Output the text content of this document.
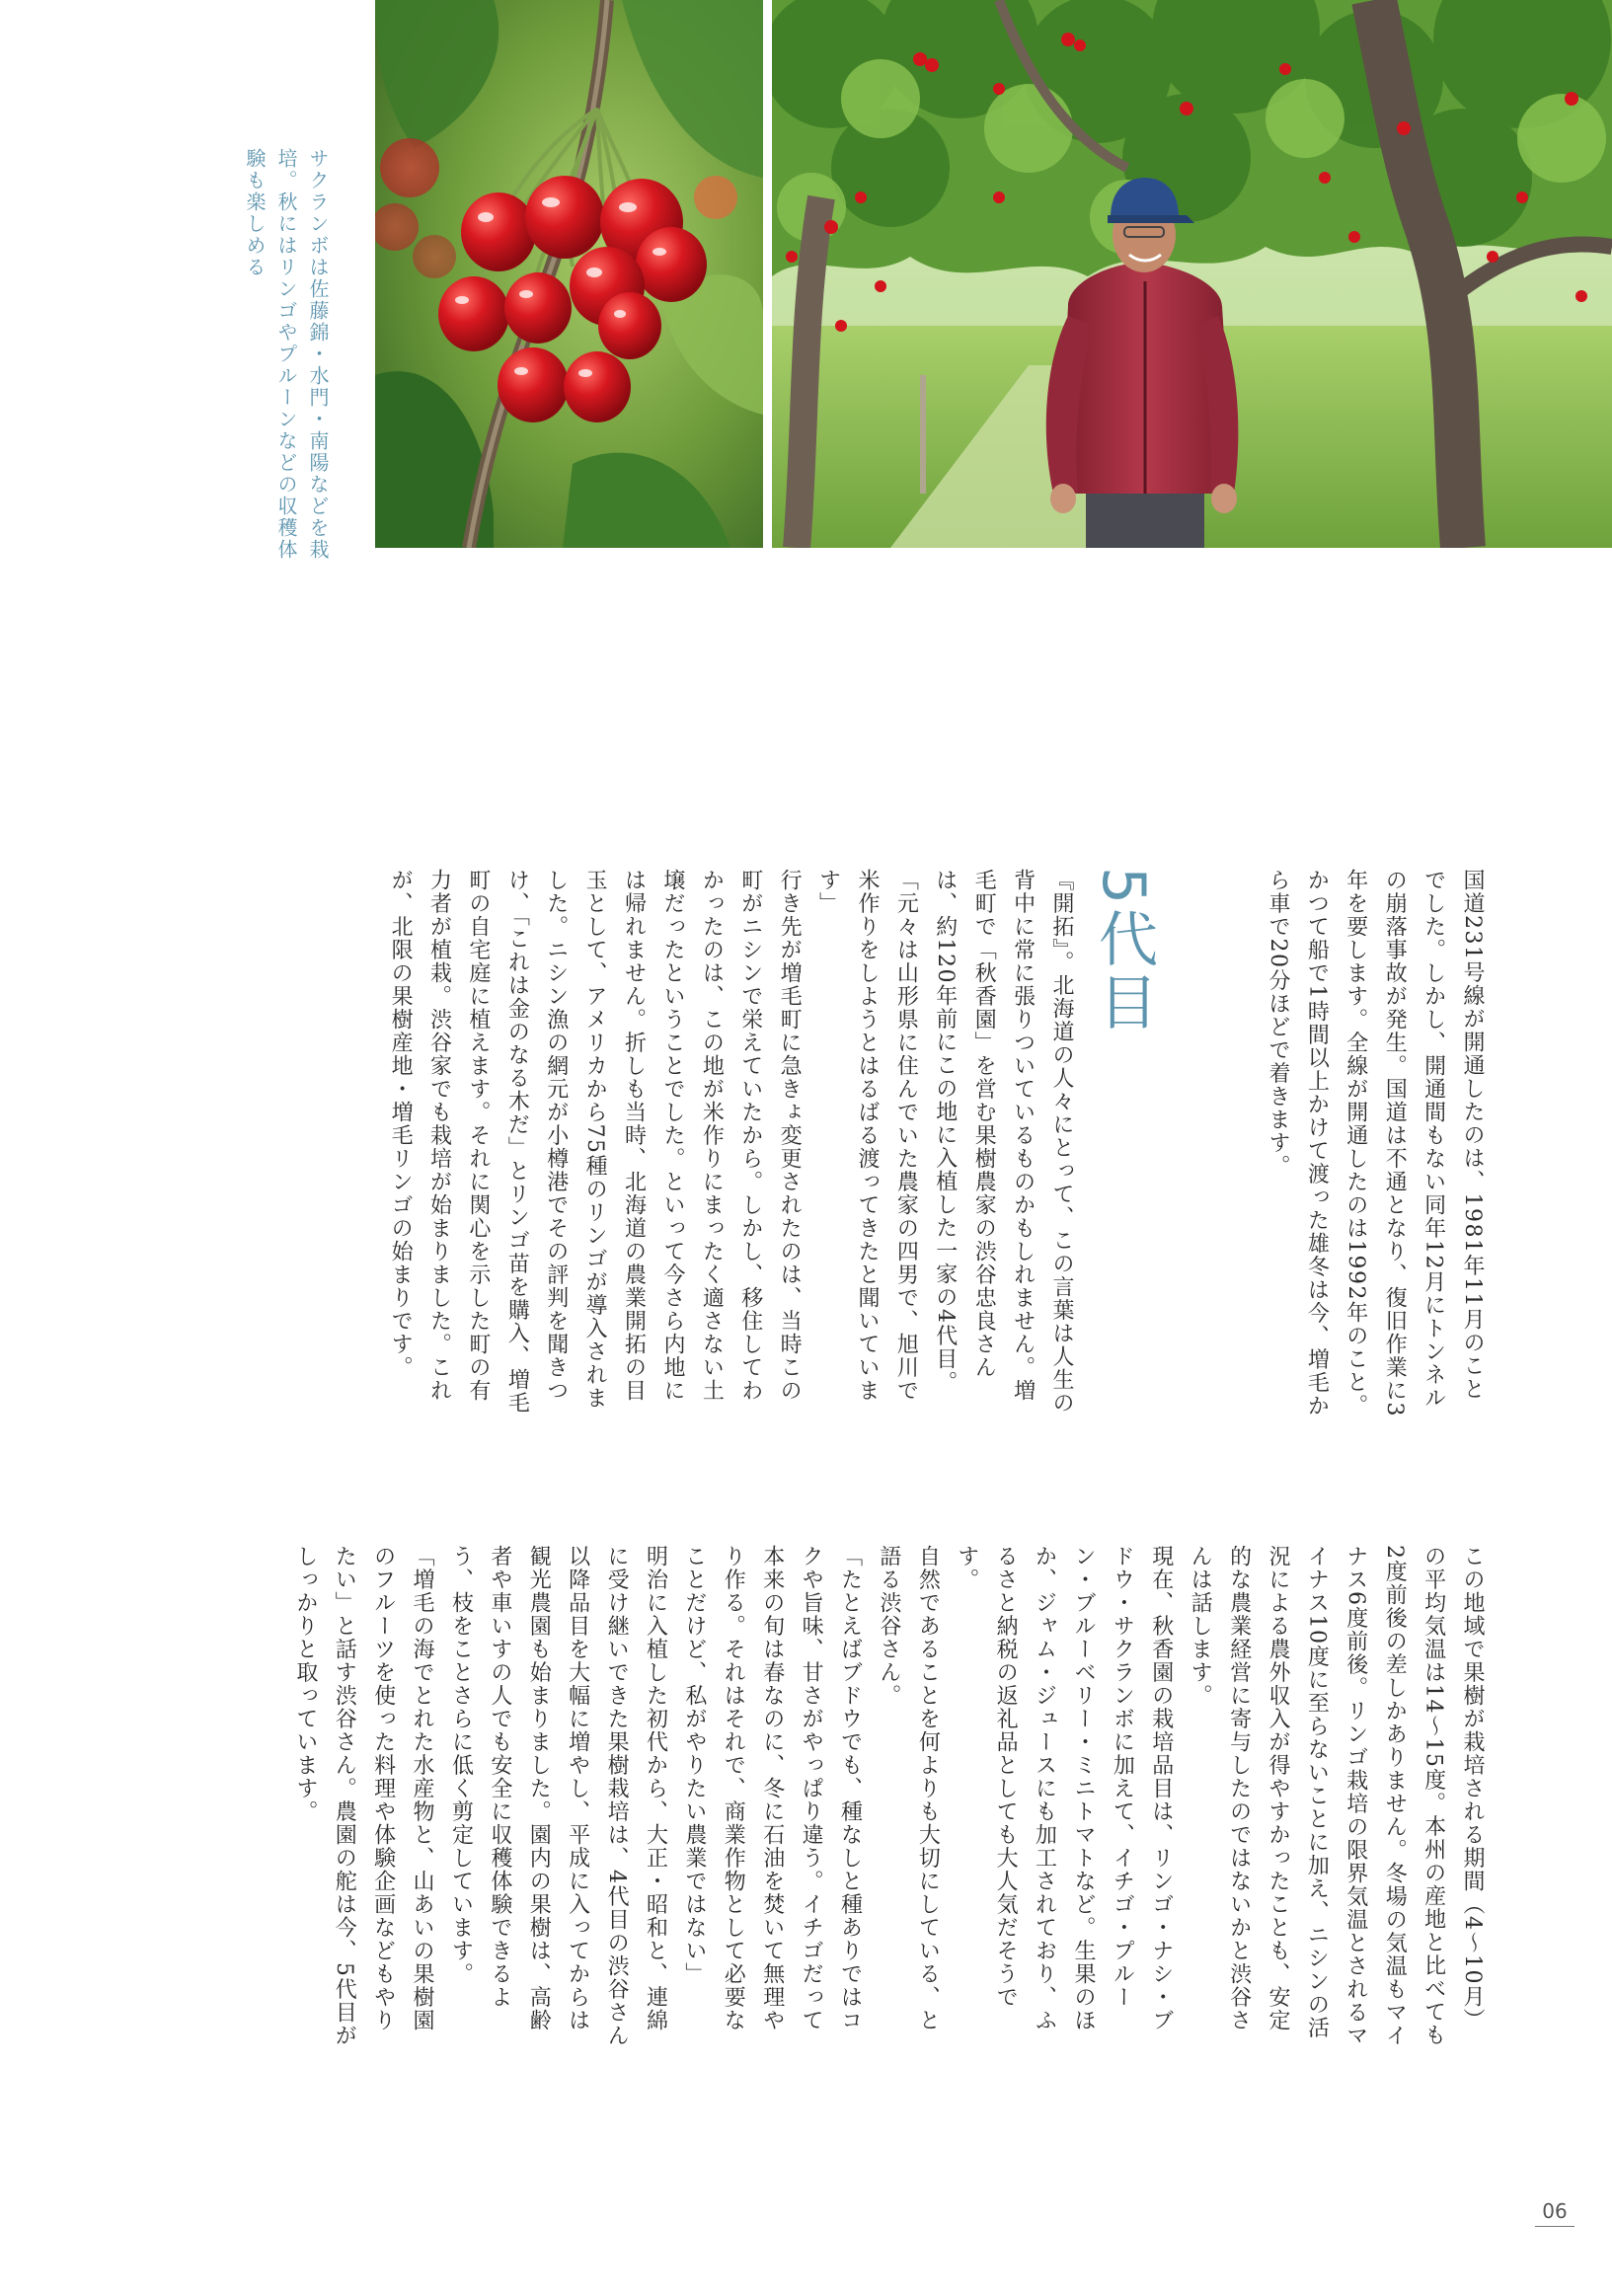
サクランボは佐藤錦・水門・南陽などを栽培。秋にはリンゴやプルーンなどの収穫体験も楽しめる
5代目	国道231号線が開通したのは、1981年11月のことでした。しかし、開通間もない同年12月にトンネルの崩落事故が発生。国道は不通となり、復旧作業に3年を要します。全線が開通したのは1992年のこと。かつて船で1時間以上かけて渡った雄冬は今、増毛から車で20分ほどで着きます。
『開拓』。北海道の人々にとって、この言葉は人生の背中に常に張りついているものかもしれません。増毛町で「秋香園」を営む果樹農家の渋谷忠良さんは、約120年前にこの地に入植した一家の4代目。
「元々は山形県に住んでいた農家の四男で、旭川で米作りをしようとはるばる渡ってきたと聞いています」
行き先が増毛町に急きょ変更されたのは、当時この町がニシンで栄えていたから。しかし、移住してわかったのは、この地が米作りにまったく適さない土壌だったということでした。といって今さら内地には帰れません。折しも当時、北海道の農業開拓の目玉として、アメリカから75種のリンゴが導入されました。ニシン漁の網元が小樽港でその評判を聞きつけ、「これは金のなる木だ」とリンゴ苗を購入、増毛町の自宅庭に植えます。それに関心を示した町の有力者が植栽。渋谷家でも栽培が始まりました。これが、北限の果樹産地・増毛リンゴの始まりです。
この地域で果樹が栽培される期間（4〜10月）の平均気温は14〜15度。本州の産地と比べても2度前後の差しかありません。冬場の気温もマイナス6度前後。リンゴ栽培の限界気温とされるマイナス10度に至らないことに加え、ニシンの活況による農外収入が得やすかったことも、安定的な農業経営に寄与したのではないかと渋谷さんは話します。
現在、秋香園の栽培品目は、リンゴ・ナシ・ブドウ・サクランボに加えて、イチゴ・プルーン・ブルーベリー・ミニトマトなど。生果のほか、ジャム・ジュースにも加工されており、ふるさと納税の返礼品としても大人気だそうです。
自然であることを何よりも大切にしている、と語る渋谷さん。
「たとえばブドウでも、種なしと種ありではコクや旨味、甘さがやっぱり違う。イチゴだって本来の旬は春なのに、冬に石油を焚いて無理やり作る。それはそれで、商業作物として必要なことだけど、私がやりたい農業ではない」
明治に入植した初代から、大正・昭和と、連綿に受け継いできた果樹栽培は、4代目の渋谷さん以降品目を大幅に増やし、平成に入ってからは観光農園も始まりました。園内の果樹は、高齢者や車いすの人でも安全に収穫体験できるよう、枝をことさらに低く剪定しています。
「増毛の海でとれた水産物と、山あいの果樹園のフルーツを使った料理や体験企画などもやりたい」と話す渋谷さん。農園の舵は今、5代目がしっかりと取っています。
06
